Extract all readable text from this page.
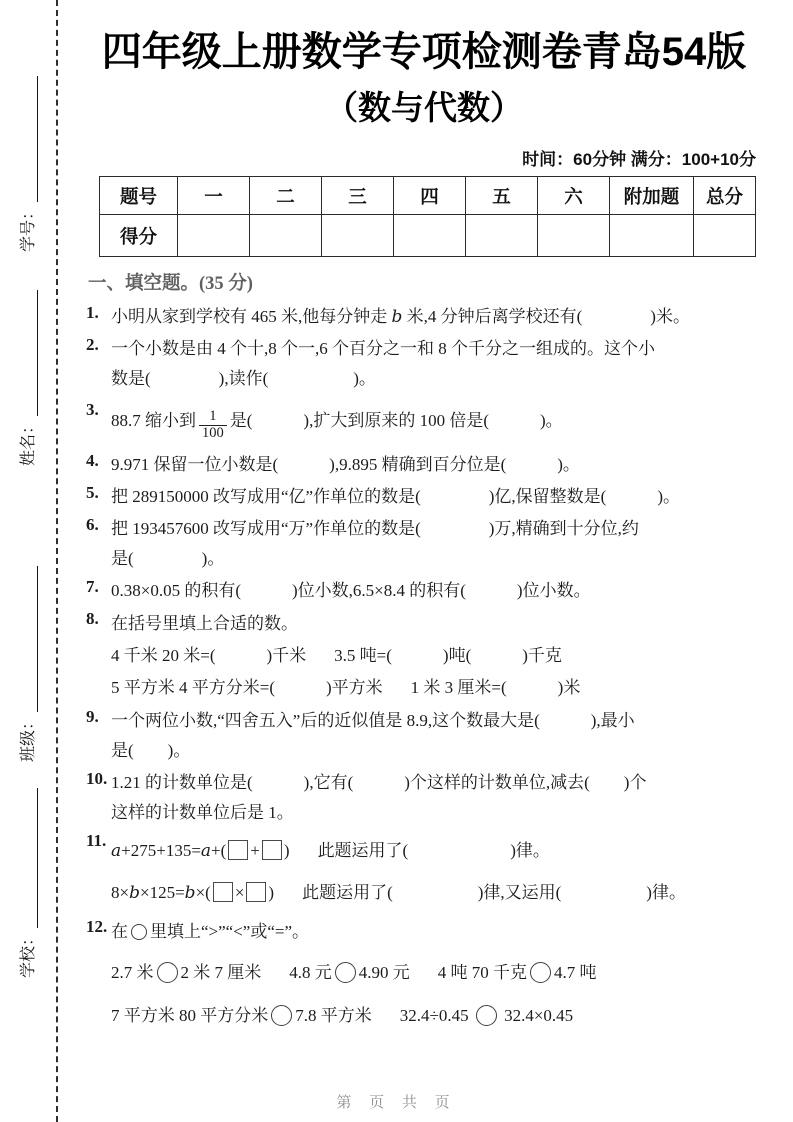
学号：
姓名：
班级：
学校：
四年级上册数学专项检测卷青岛54版
（数与代数）
时间：60分钟 满分：100+10分
题号	一	二	三	四	五	六	附加题	总分
得分								
一、填空题。(35 分)
1. 小明从家到学校有 465 米,他每分钟走 b 米,4 分钟后离学校还有(　　　　)米。
2. 一个小数是由 4 个十,8 个一,6 个百分之一和 8 个千分之一组成的。这个小
数是(　　　　),读作(　　　　　)。
3.
88.7 缩小到 $\frac{1}{100}$ 是(　　　),扩大到原来的 100 倍是(　　　)。
4. 9.971 保留一位小数是(　　　),9.895 精确到百分位是(　　　)。
5. 把 289150000 改写成用“亿”作单位的数是(　　　　)亿,保留整数是(　　　)。
6. 把 193457600 改写成用“万”作单位的数是(　　　　)万,精确到十分位,约
是(　　　　)。
7. 0.38×0.05 的积有(　　　)位小数,6.5×8.4 的积有(　　　)位小数。
8. 在括号里填上合适的数。
4 千米 20 米=(　　　)千米 3.5 吨=(　　　)吨(　　　)千克
5 平方米 4 平方分米=(　　　)平方米 1 米 3 厘米=(　　　)米
9. 一个两位小数,“四舍五入”后的近似值是 8.9,这个数最大是(　　　),最小
是(　　)。
10. 1.21 的计数单位是(　　　),它有(　　　)个这样的计数单位,减去(　　)个
这样的计数单位后是 1。
11.
a+275+135=a+( + ) 此题运用了(　　　　　　)律。
8×b×125=b×( × ) 此题运用了(　　　　　)律,又运用(　　　　　)律。
12. 在 里填上“>”“<”或“=”。
2.7 米 2 米 7 厘米 4.8 元 4.90 元 4 吨 70 千克 4.7 吨
7 平方米 80 平方分米 7.8 平方米 32.4÷0.45  32.4×0.45
第 页 共 页
